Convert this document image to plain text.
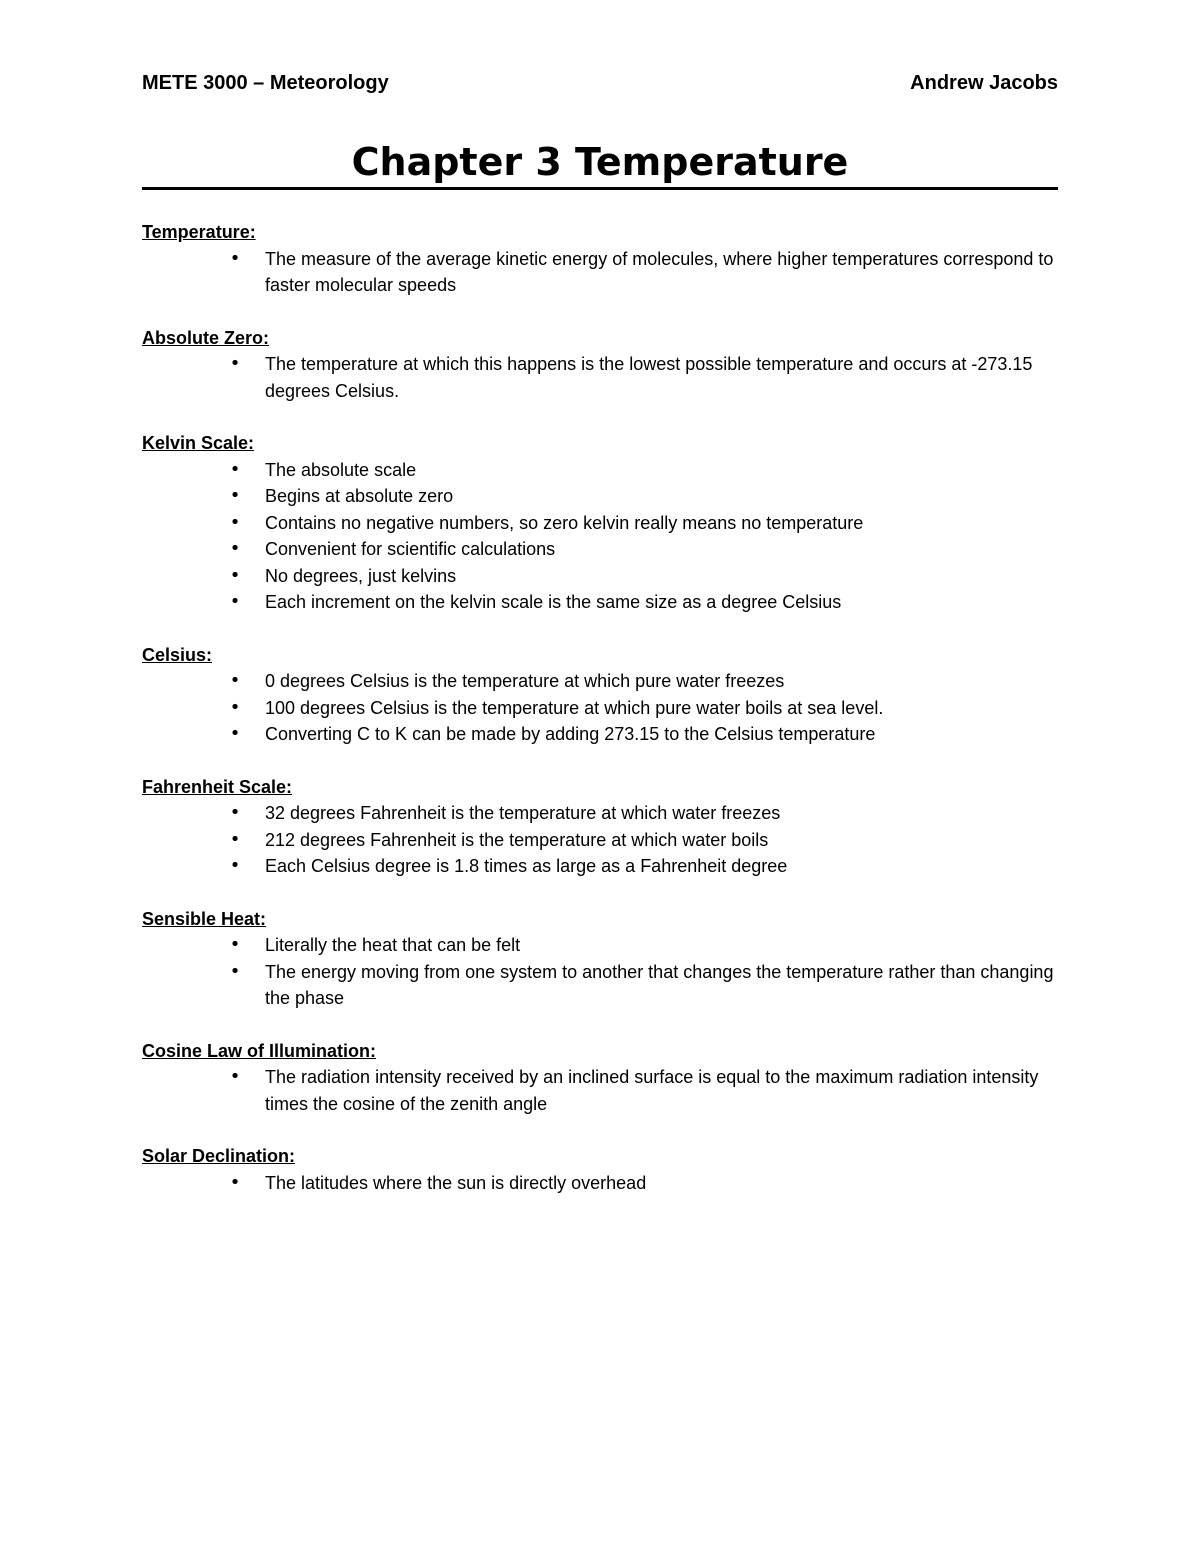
METE 3000 – Meteorology	Andrew Jacobs
Chapter 3 Temperature
Temperature:
• The measure of the average kinetic energy of molecules, where higher temperatures correspond to faster molecular speeds
Absolute Zero:
• The temperature at which this happens is the lowest possible temperature and occurs at -273.15 degrees Celsius.
Kelvin Scale:
• The absolute scale
• Begins at absolute zero
• Contains no negative numbers, so zero kelvin really means no temperature
• Convenient for scientific calculations
• No degrees, just kelvins
• Each increment on the kelvin scale is the same size as a degree Celsius
Celsius:
• 0 degrees Celsius is the temperature at which pure water freezes
• 100 degrees Celsius is the temperature at which pure water boils at sea level.
• Converting C to K can be made by adding 273.15 to the Celsius temperature
Fahrenheit Scale:
• 32 degrees Fahrenheit is the temperature at which water freezes
• 212 degrees Fahrenheit is the temperature at which water boils
• Each Celsius degree is 1.8 times as large as a Fahrenheit degree
Sensible Heat:
• Literally the heat that can be felt
• The energy moving from one system to another that changes the temperature rather than changing the phase
Cosine Law of Illumination:
• The radiation intensity received by an inclined surface is equal to the maximum radiation intensity times the cosine of the zenith angle
Solar Declination:
• The latitudes where the sun is directly overhead
